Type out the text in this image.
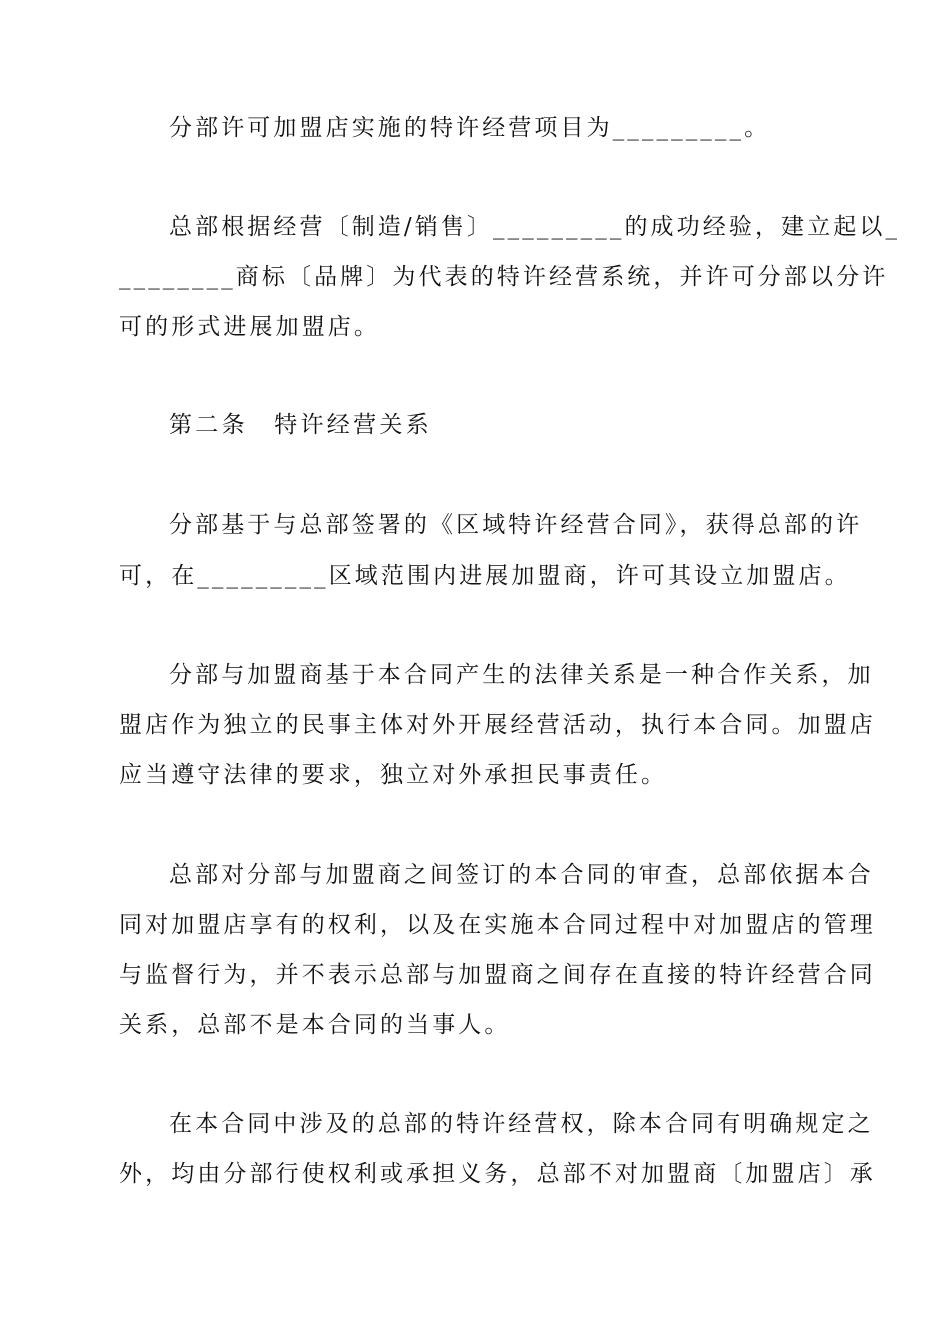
分部许可加盟店实施的特许经营项目为_________。

总部根据经营〔制造/销售〕_________的成功经验，建立起以_

________商标〔品牌〕为代表的特许经营系统，并许可分部以分许

可的形式进展加盟店。

第二条　特许经营关系

分部基于与总部签署的《区域特许经营合同》，获得总部的许

可，在_________区域范围内进展加盟商，许可其设立加盟店。

分部与加盟商基于本合同产生的法律关系是一种合作关系，加

盟店作为独立的民事主体对外开展经营活动，执行本合同。加盟店

应当遵守法律的要求，独立对外承担民事责任。

总部对分部与加盟商之间签订的本合同的审查，总部依据本合

同对加盟店享有的权利，以及在实施本合同过程中对加盟店的管理

与监督行为，并不表示总部与加盟商之间存在直接的特许经营合同

关系，总部不是本合同的当事人。

在本合同中涉及的总部的特许经营权，除本合同有明确规定之

外，均由分部行使权利或承担义务，总部不对加盟商〔加盟店〕承
